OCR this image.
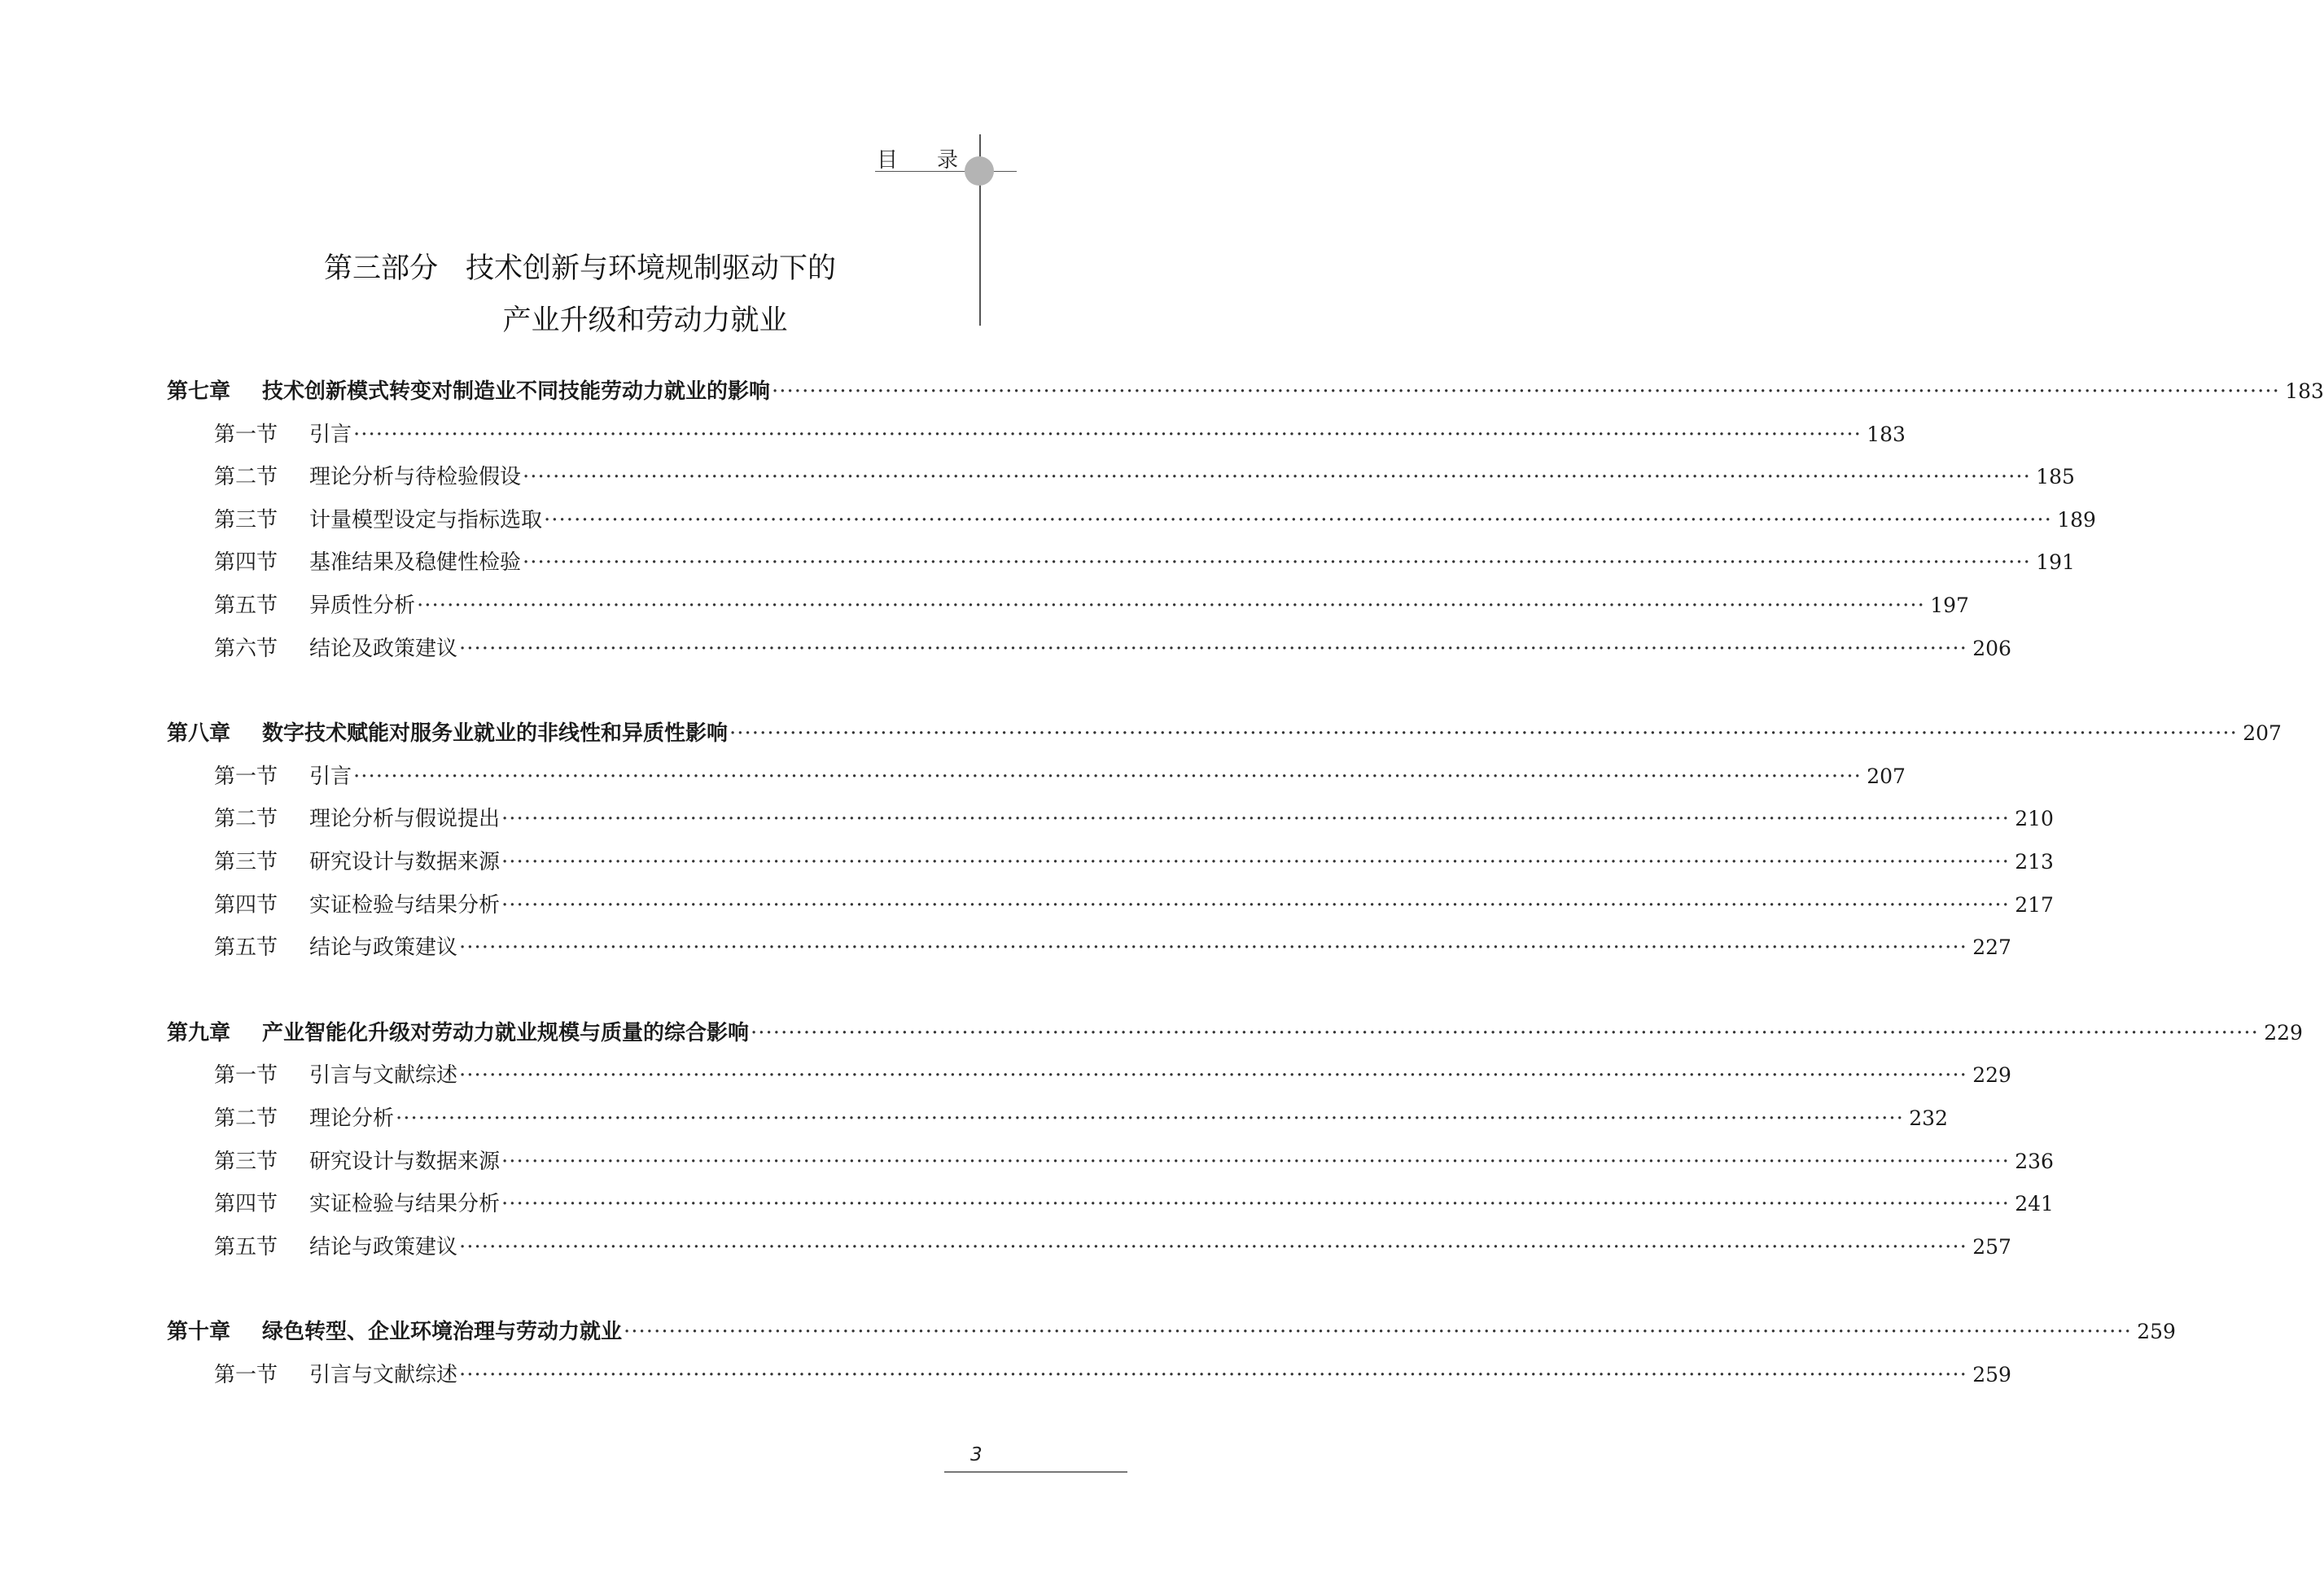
目 录
第三部分 技术创新与环境规制驱动下的
产业升级和劳动力就业
第七章	技术创新模式转变对制造业不同技能劳动力就业的影响 ········································································································································································································ 183
第一节	引言 ········································································································································································································ 183
第二节	理论分析与待检验假设 ········································································································································································································ 185
第三节	计量模型设定与指标选取 ········································································································································································································ 189
第四节	基准结果及稳健性检验 ········································································································································································································ 191
第五节	异质性分析 ········································································································································································································ 197
第六节	结论及政策建议 ········································································································································································································ 206
第八章	数字技术赋能对服务业就业的非线性和异质性影响 ········································································································································································································ 207
第一节	引言 ········································································································································································································ 207
第二节	理论分析与假说提出 ········································································································································································································ 210
第三节	研究设计与数据来源 ········································································································································································································ 213
第四节	实证检验与结果分析 ········································································································································································································ 217
第五节	结论与政策建议 ········································································································································································································ 227
第九章	产业智能化升级对劳动力就业规模与质量的综合影响 ········································································································································································································ 229
第一节	引言与文献综述 ········································································································································································································ 229
第二节	理论分析 ········································································································································································································ 232
第三节	研究设计与数据来源 ········································································································································································································ 236
第四节	实证检验与结果分析 ········································································································································································································ 241
第五节	结论与政策建议 ········································································································································································································ 257
第十章	绿色转型、企业环境治理与劳动力就业 ········································································································································································································ 259
第一节	引言与文献综述 ········································································································································································································ 259
3
